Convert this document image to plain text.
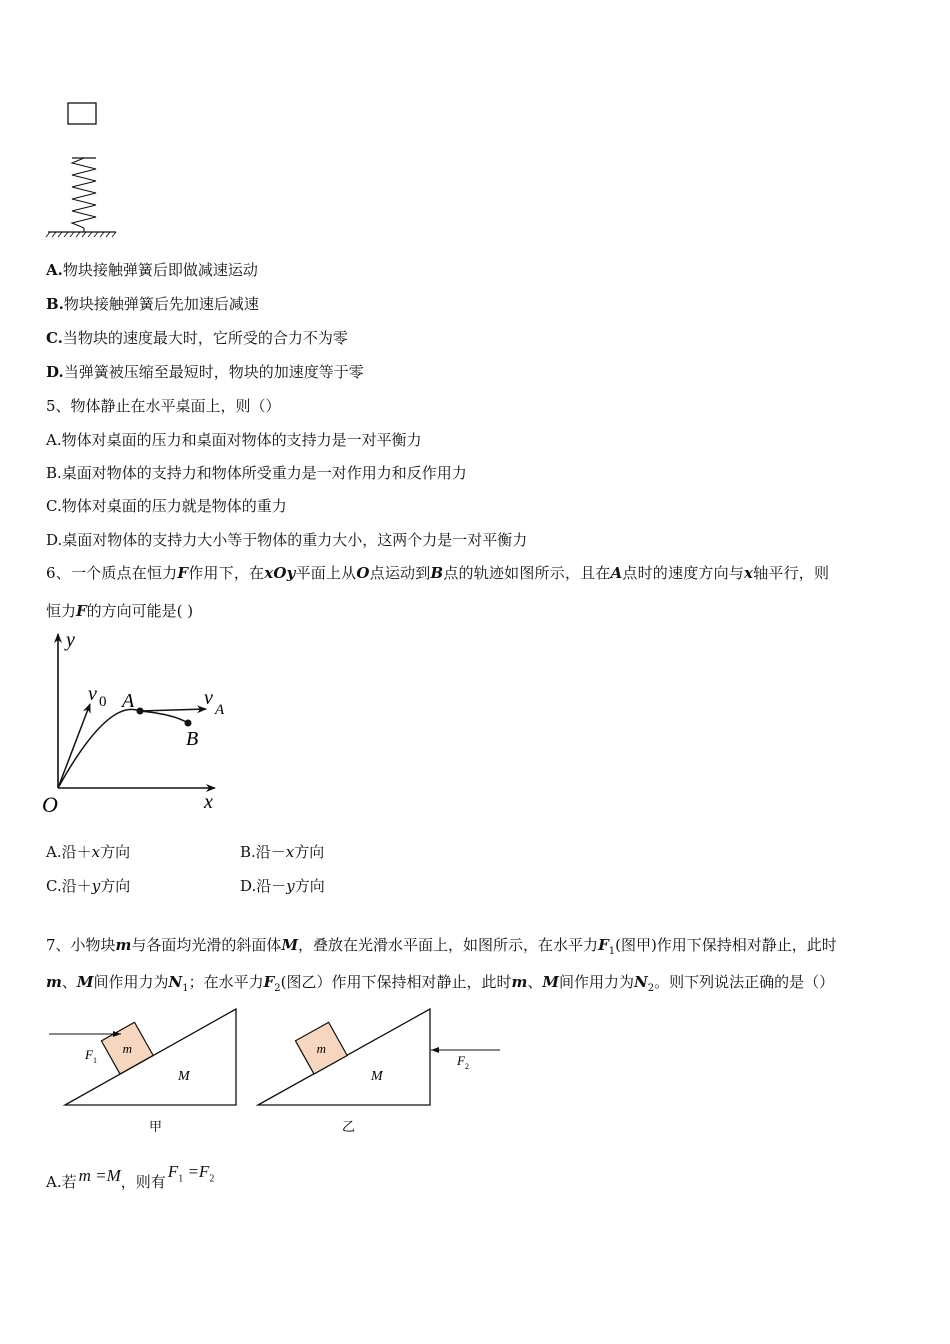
A.物块接触弹簧后即做减速运动
B.物块接触弹簧后先加速后减速
C.当物块的速度最大时，它所受的合力不为零
D.当弹簧被压缩至最短时，物块的加速度等于零
5、物体静止在水平桌面上，则（）
A.物体对桌面的压力和桌面对物体的支持力是一对平衡力
B.桌面对物体的支持力和物体所受重力是一对作用力和反作用力
C.物体对桌面的压力就是物体的重力
D.桌面对物体的支持力大小等于物体的重力大小，这两个力是一对平衡力
6、一个质点在恒力F作用下，在xOy平面上从O点运动到B点的轨迹如图所示，且在A点时的速度方向与x轴平行，则
恒力F的方向可能是( )
y
x
O
v 0 A	v
A
B
A.沿＋x方向	B.沿－x方向
C.沿＋y方向	D.沿－y方向
7、小物块m与各面均光滑的斜面体M，叠放在光滑水平面上，如图所示，在水平力$F_1$(图甲)作用下保持相对静止，此时
m、M间作用力为$N_1$；在水平力$F_2$(图乙）作用下保持相对静止，此时m、M间作用力为$N_2$。则下列说法正确的是（）
m
F 1
M
甲
m
F 2
M
乙
A.若 m =M，则有$F_1 =F_2$
